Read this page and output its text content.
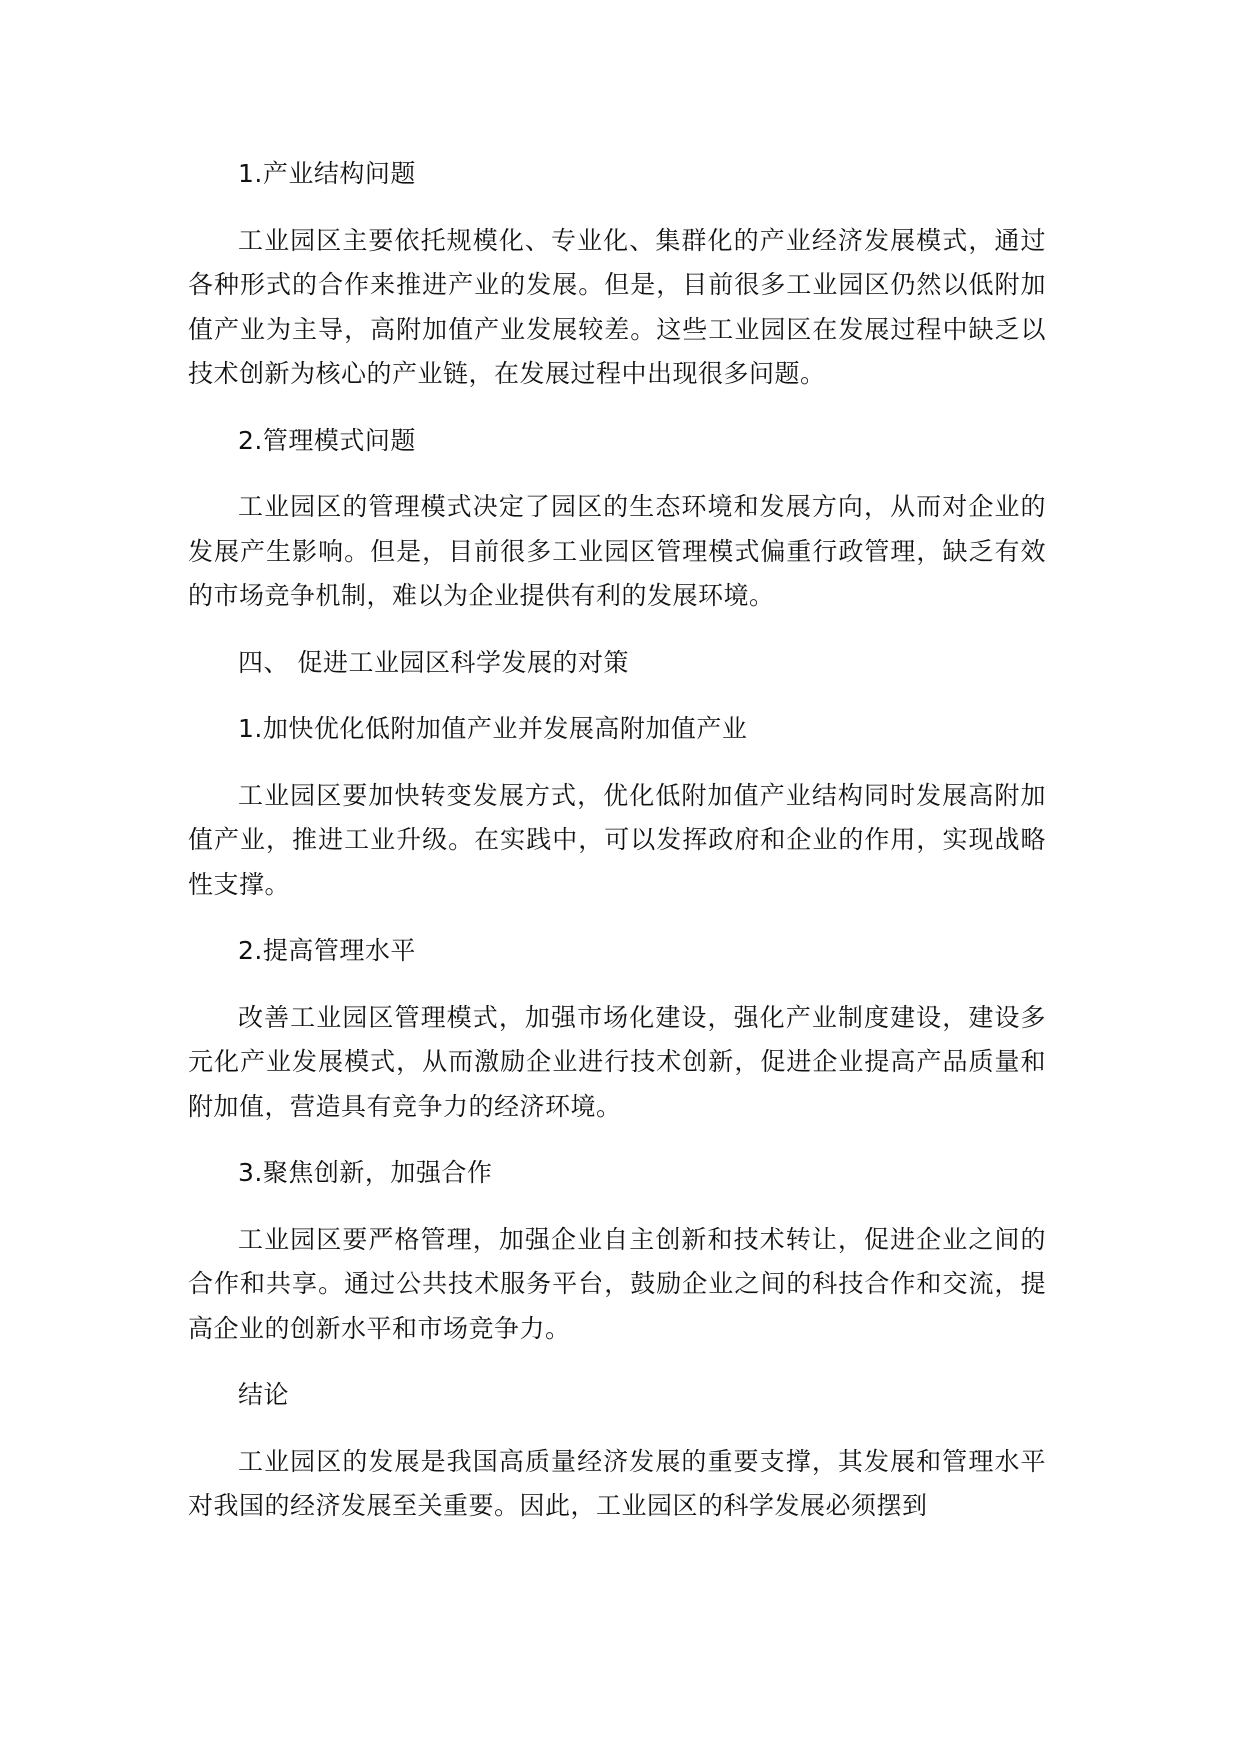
1.产业结构问题

工业园区主要依托规模化、专业化、集群化的产业经济发展模式，通过各种形式的合作来推进产业的发展。但是，目前很多工业园区仍然以低附加值产业为主导，高附加值产业发展较差。这些工业园区在发展过程中缺乏以技术创新为核心的产业链，在发展过程中出现很多问题。

2.管理模式问题

工业园区的管理模式决定了园区的生态环境和发展方向，从而对企业的发展产生影响。但是，目前很多工业园区管理模式偏重行政管理，缺乏有效的市场竞争机制，难以为企业提供有利的发展环境。

四、 促进工业园区科学发展的对策

1.加快优化低附加值产业并发展高附加值产业

工业园区要加快转变发展方式，优化低附加值产业结构同时发展高附加值产业，推进工业升级。在实践中，可以发挥政府和企业的作用，实现战略性支撑。

2.提高管理水平

改善工业园区管理模式，加强市场化建设，强化产业制度建设，建设多元化产业发展模式，从而激励企业进行技术创新，促进企业提高产品质量和附加值，营造具有竞争力的经济环境。

3.聚焦创新，加强合作

工业园区要严格管理，加强企业自主创新和技术转让，促进企业之间的合作和共享。通过公共技术服务平台，鼓励企业之间的科技合作和交流，提高企业的创新水平和市场竞争力。

结论

工业园区的发展是我国高质量经济发展的重要支撑，其发展和管理水平对我国的经济发展至关重要。因此，工业园区的科学发展必须摆到
